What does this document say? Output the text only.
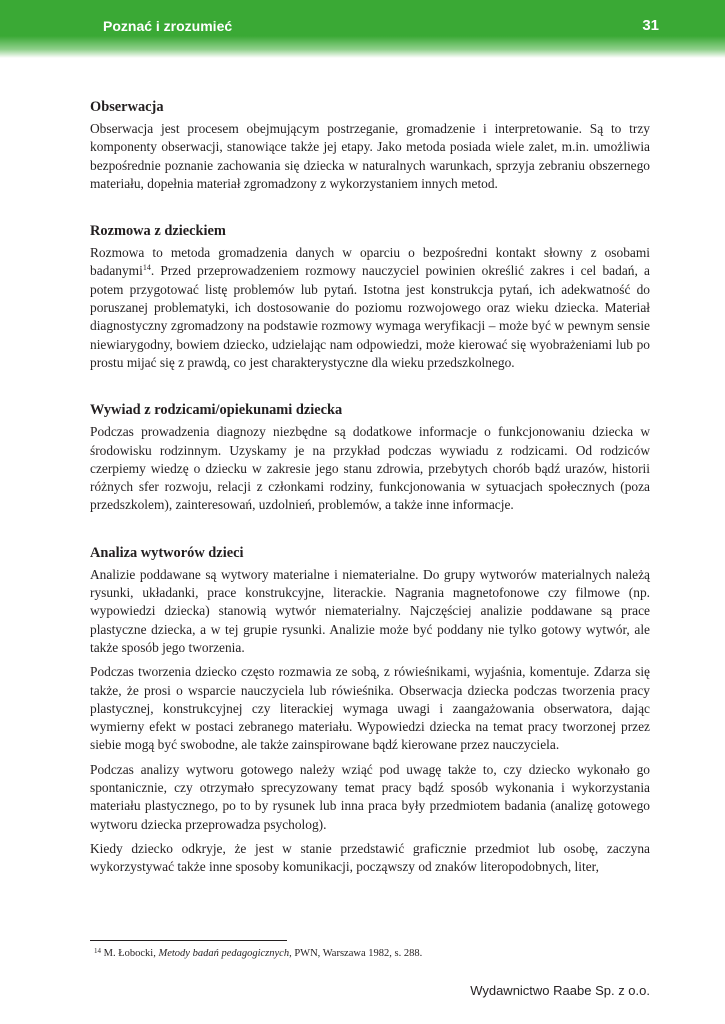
Poznać i zrozumieć	31
Obserwacja

Obserwacja jest procesem obejmującym postrzeganie, gromadzenie i interpretowanie. Są to trzy komponenty obserwacji, stanowiące także jej etapy. Jako metoda posiada wiele zalet, m.in. umożliwia bezpośrednie poznanie zachowania się dziecka w naturalnych warunkach, sprzyja zebraniu obszernego materiału, dopełnia materiał zgromadzony z wykorzystaniem innych metod.

Rozmowa z dzieckiem

Rozmowa to metoda gromadzenia danych w oparciu o bezpośredni kontakt słowny z osobami badanymi$^{14}$. Przed przeprowadzeniem rozmowy nauczyciel powinien określić zakres i cel badań, a potem przygotować listę problemów lub pytań. Istotna jest konstrukcja pytań, ich adekwatność do poruszanej problematyki, ich dostosowanie do poziomu rozwojowego oraz wieku dziecka. Materiał diagnostyczny zgromadzony na podstawie rozmowy wymaga weryfikacji – może być w pewnym sensie niewiarygodny, bowiem dziecko, udzielając nam odpowiedzi, może kierować się wyobrażeniami lub po prostu mijać się z prawdą, co jest charakterystyczne dla wieku przedszkolnego.

Wywiad z rodzicami/opiekunami dziecka

Podczas prowadzenia diagnozy niezbędne są dodatkowe informacje o funkcjonowaniu dziecka w środowisku rodzinnym. Uzyskamy je na przykład podczas wywiadu z rodzicami. Od rodziców czerpiemy wiedzę o dziecku w zakresie jego stanu zdrowia, przebytych chorób bądź urazów, historii różnych sfer rozwoju, relacji z członkami rodziny, funkcjonowania w sytuacjach społecznych (poza przedszkolem), zainteresowań, uzdolnień, problemów, a także inne informacje.

Analiza wytworów dzieci

Analizie poddawane są wytwory materialne i niematerialne. Do grupy wytworów materialnych należą rysunki, układanki, prace konstrukcyjne, literackie. Nagrania magnetofonowe czy filmowe (np. wypowiedzi dziecka) stanowią wytwór niematerialny. Najczęściej analizie poddawane są prace plastyczne dziecka, a w tej grupie rysunki. Analizie może być poddany nie tylko gotowy wytwór, ale także sposób jego tworzenia.

Podczas tworzenia dziecko często rozmawia ze sobą, z rówieśnikami, wyjaśnia, komentuje. Zdarza się także, że prosi o wsparcie nauczyciela lub rówieśnika. Obserwacja dziecka podczas tworzenia pracy plastycznej, konstrukcyjnej czy literackiej wymaga uwagi i zaangażowania obserwatora, dając wymierny efekt w postaci zebranego materiału. Wypowiedzi dziecka na temat pracy tworzonej przez siebie mogą być swobodne, ale także zainspirowane bądź kierowane przez nauczyciela.

Podczas analizy wytworu gotowego należy wziąć pod uwagę także to, czy dziecko wykonało go spontanicznie, czy otrzymało sprecyzowany temat pracy bądź sposób wykonania i wykorzystania materiału plastycznego, po to by rysunek lub inna praca były przedmiotem badania (analizę gotowego wytworu dziecka przeprowadza psycholog).

Kiedy dziecko odkryje, że jest w stanie przedstawić graficznie przedmiot lub osobę, zaczyna wykorzystywać także inne sposoby komunikacji, począwszy od znaków literopodobnych, liter,

$^{14}$ M. Łobocki, Metody badań pedagogicznych, PWN, Warszawa 1982, s. 288.
Wydawnictwo Raabe Sp. z o.o.
